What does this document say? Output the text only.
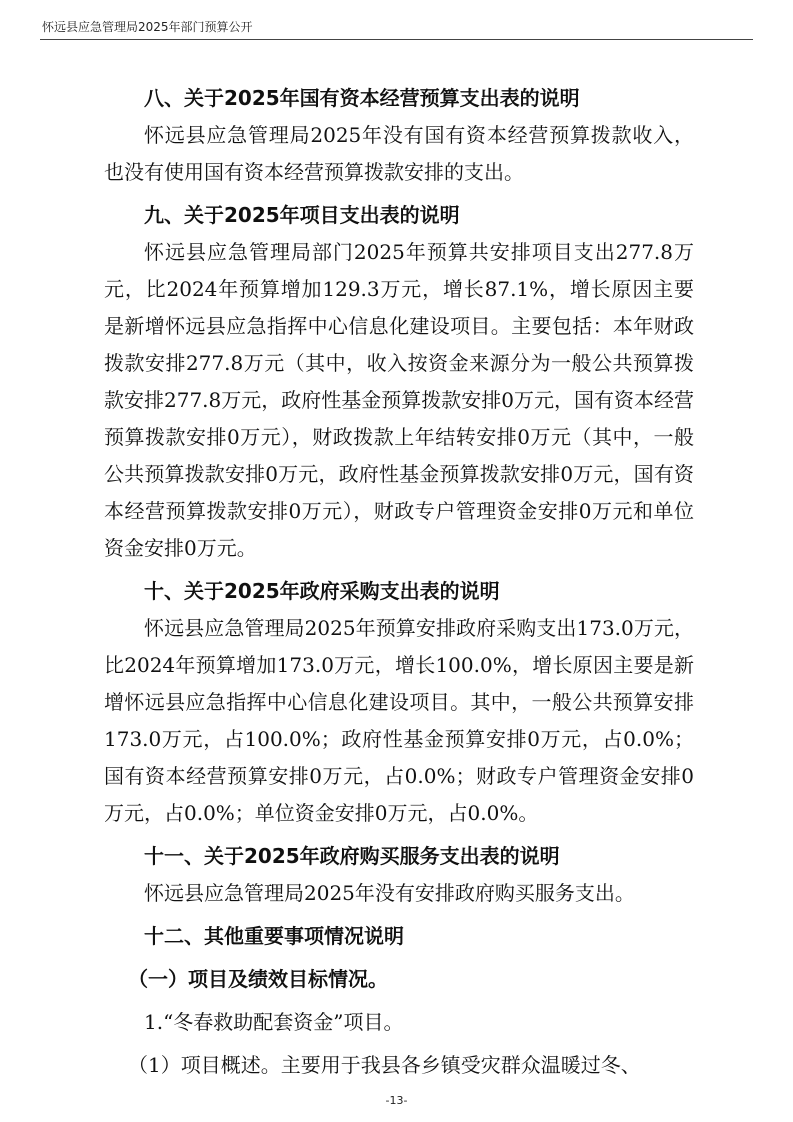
怀远县应急管理局2025年部门预算公开
八、关于2025年国有资本经营预算支出表的说明

怀远县应急管理局2025年没有国有资本经营预算拨款收入，也没有使用国有资本经营预算拨款安排的支出。

九、关于2025年项目支出表的说明

怀远县应急管理局部门2025年预算共安排项目支出277.8万元，比2024年预算增加129.3万元，增长87.1%，增长原因主要是新增怀远县应急指挥中心信息化建设项目。主要包括：本年财政拨款安排277.8万元（其中，收入按资金来源分为一般公共预算拨款安排277.8万元，政府性基金预算拨款安排0万元，国有资本经营预算拨款安排0万元），财政拨款上年结转安排0万元（其中，一般公共预算拨款安排0万元，政府性基金预算拨款安排0万元，国有资本经营预算拨款安排0万元），财政专户管理资金安排0万元和单位资金安排0万元。

十、关于2025年政府采购支出表的说明

怀远县应急管理局2025年预算安排政府采购支出173.0万元，比2024年预算增加173.0万元，增长100.0%，增长原因主要是新增怀远县应急指挥中心信息化建设项目。其中，一般公共预算安排173.0万元，占100.0%；政府性基金预算安排0万元，占0.0%；国有资本经营预算安排0万元，占0.0%；财政专户管理资金安排0万元，占0.0%；单位资金安排0万元，占0.0%。

十一、关于2025年政府购买服务支出表的说明

怀远县应急管理局2025年没有安排政府购买服务支出。

十二、其他重要事项情况说明
（一）项目及绩效目标情况。

1.“冬春救助配套资金”项目。

（1）项目概述。主要用于我县各乡镇受灾群众温暖过冬、

-13-
